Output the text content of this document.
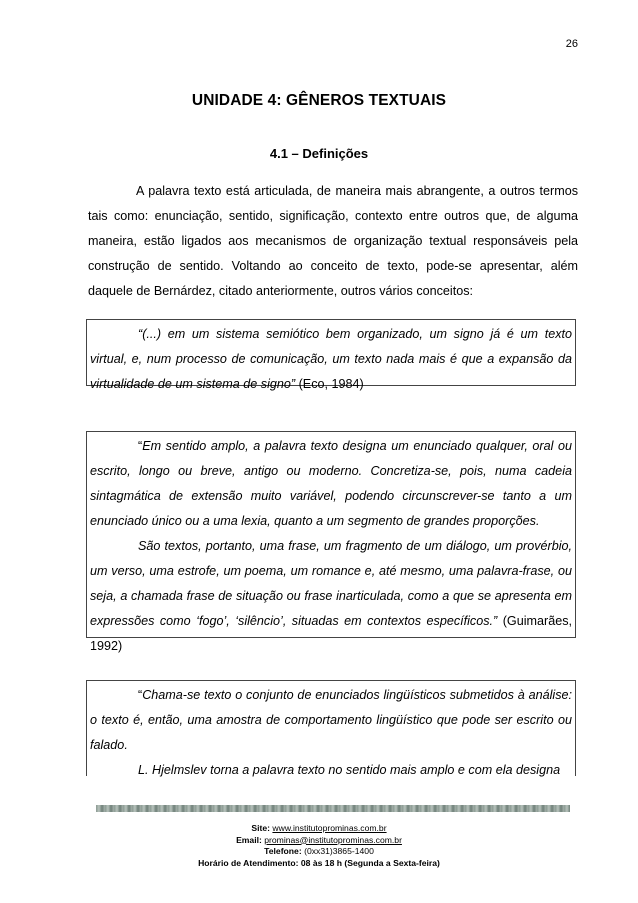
26
UNIDADE 4: GÊNEROS TEXTUAIS
4.1 – Definições

A palavra texto está articulada, de maneira mais abrangente, a outros termos tais como: enunciação, sentido, significação, contexto entre outros que, de alguma maneira, estão ligados aos mecanismos de organização textual responsáveis pela construção de sentido. Voltando ao conceito de texto, pode-se apresentar, além daquele de Bernárdez, citado anteriormente, outros vários conceitos:

“(...) em um sistema semiótico bem organizado, um signo já é um texto virtual, e, num processo de comunicação, um texto nada mais é que a expansão da virtualidade de um sistema de signo” (Eco, 1984)

“Em sentido amplo, a palavra texto designa um enunciado qualquer, oral ou escrito, longo ou breve, antigo ou moderno. Concretiza-se, pois, numa cadeia sintagmática de extensão muito variável, podendo circunscrever-se tanto a um enunciado único ou a uma lexia, quanto a um segmento de grandes proporções.

São textos, portanto, uma frase, um fragmento de um diálogo, um provérbio, um verso, uma estrofe, um poema, um romance e, até mesmo, uma palavra-frase, ou seja, a chamada frase de situação ou frase inarticulada, como a que se apresenta em expressões como ‘fogo’, ‘silêncio’, situadas em contextos específicos.” (Guimarães, 1992)

“Chama-se texto o conjunto de enunciados lingüísticos submetidos à análise: o texto é, então, uma amostra de comportamento lingüístico que pode ser escrito ou falado.

L. Hjelmslev torna a palavra texto no sentido mais amplo e com ela designa

Site: www.institutoprominas.com.br
Email: prominas@institutoprominas.com.br
Telefone: (0xx31)3865-1400
Horário de Atendimento: 08 às 18 h (Segunda a Sexta-feira)
